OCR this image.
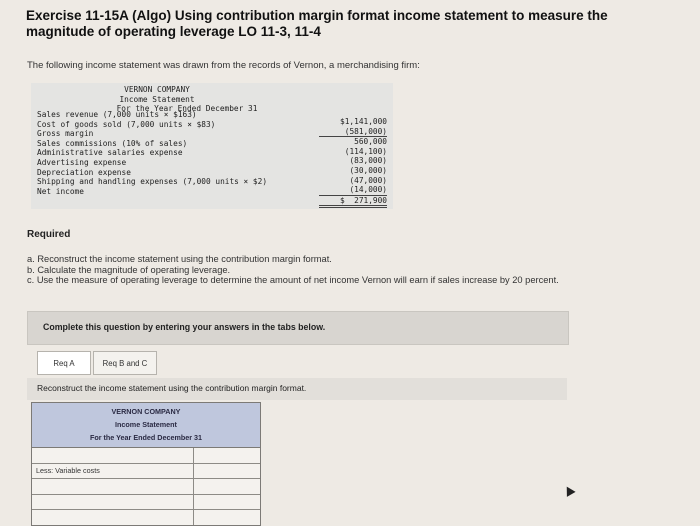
Exercise 11-15A (Algo) Using contribution margin format income statement to measure the magnitude of operating leverage LO 11-3, 11-4
The following income statement was drawn from the records of Vernon, a merchandising firm:
VERNON COMPANY
Income Statement
For the Year Ended December 31
Sales revenue (7,000 units × $163)
Cost of goods sold (7,000 units × $83)
Gross margin
Sales commissions (10% of sales)
Administrative salaries expense
Advertising expense
Depreciation expense
Shipping and handling expenses (7,000 units × $2)
Net income
$1,141,000
(581,000)
560,000
(114,100)
(83,000)
(30,000)
(47,000)
(14,000)
$  271,900
Required
a. Reconstruct the income statement using the contribution margin format.
b. Calculate the magnitude of operating leverage.
c. Use the measure of operating leverage to determine the amount of net income Vernon will earn if sales increase by 20 percent.
Complete this question by entering your answers in the tabs below.
Req A	Req B and C
Reconstruct the income statement using the contribution margin format.
VERNON COMPANY
Income Statement
For the Year Ended December 31
Less: Variable costs
